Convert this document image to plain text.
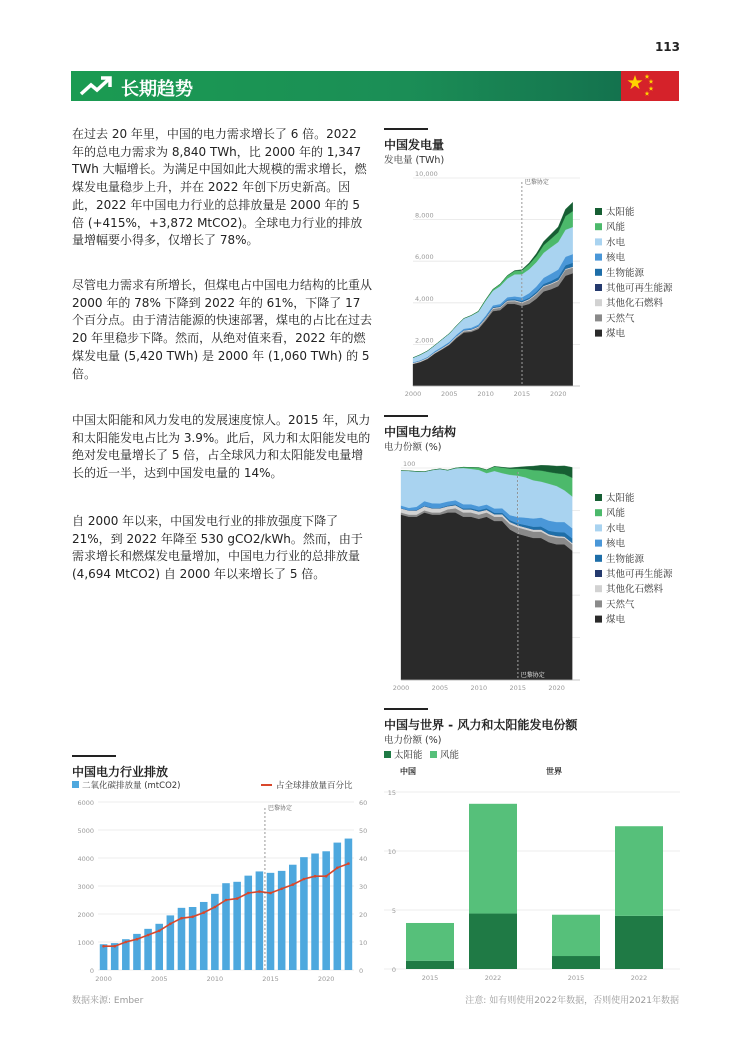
113
长期趋势

在过去 20 年里，中国的电力需求增长了 6 倍。2022 年的总电力需求为 8,840 TWh，比 2000 年的 1,347 TWh 大幅增长。为满足中国如此大规模的需求增长，燃煤发电量稳步上升，并在 2022 年创下历史新高。因此，2022 年中国电力行业的总排放量是 2000 年的 5 倍 (+415%，+3,872 MtCO2)。全球电力行业的排放量增幅要小得多，仅增长了 78%。

尽管电力需求有所增长，但煤电占中国电力结构的比重从 2000 年的 78% 下降到 2022 年的 61%，下降了 17 个百分点。由于清洁能源的快速部署，煤电的占比在过去 20 年里稳步下降。然而，从绝对值来看，2022 年的燃煤发电量 (5,420 TWh) 是 2000 年 (1,060 TWh) 的 5 倍。

中国太阳能和风力发电的发展速度惊人。2015 年，风力和太阳能发电占比为 3.9%。此后，风力和太阳能发电的绝对发电量增长了 5 倍，占全球风力和太阳能发电量增长的近一半，达到中国发电量的 14%。

自 2000 年以来，中国发电行业的排放强度下降了 21%，到 2022 年降至 530 gCO2/kWh。然而，由于需求增长和燃煤发电量增加，中国电力行业的总排放量 (4,694 MtCO2) 自 2000 年以来增长了 5 倍。

中国发电量

发电量 (TWh)
2,000
4,000
6,000
8,000
10,000
2000	2005	2010	2015	2020
巴黎协定
太阳能
风能
水电
核电
生物能源
其他可再生能源
其他化石燃料
天然气
煤电

中国电力结构

电力份额 (%)
100
2000	2005	2010	2015	2020
巴黎协定
太阳能
风能
水电
核电
生物能源
其他可再生能源
其他化石燃料
天然气
煤电

中国与世界 - 风力和太阳能发电份额

电力份额 (%)
太阳能 风能
0
5
10
15
中国
2015	2022
世界
2015	2022

中国电力行业排放

二氧化碳排放量 (mtCO2)	占全球排放量百分比
0	0
1000	10
2000	20
3000	30
4000	40
5000	50
6000	60
2000	2005	2010	2015	2020
巴黎协定
数据来源: Ember	注意: 如有则使用2022年数据，否则使用2021年数据
